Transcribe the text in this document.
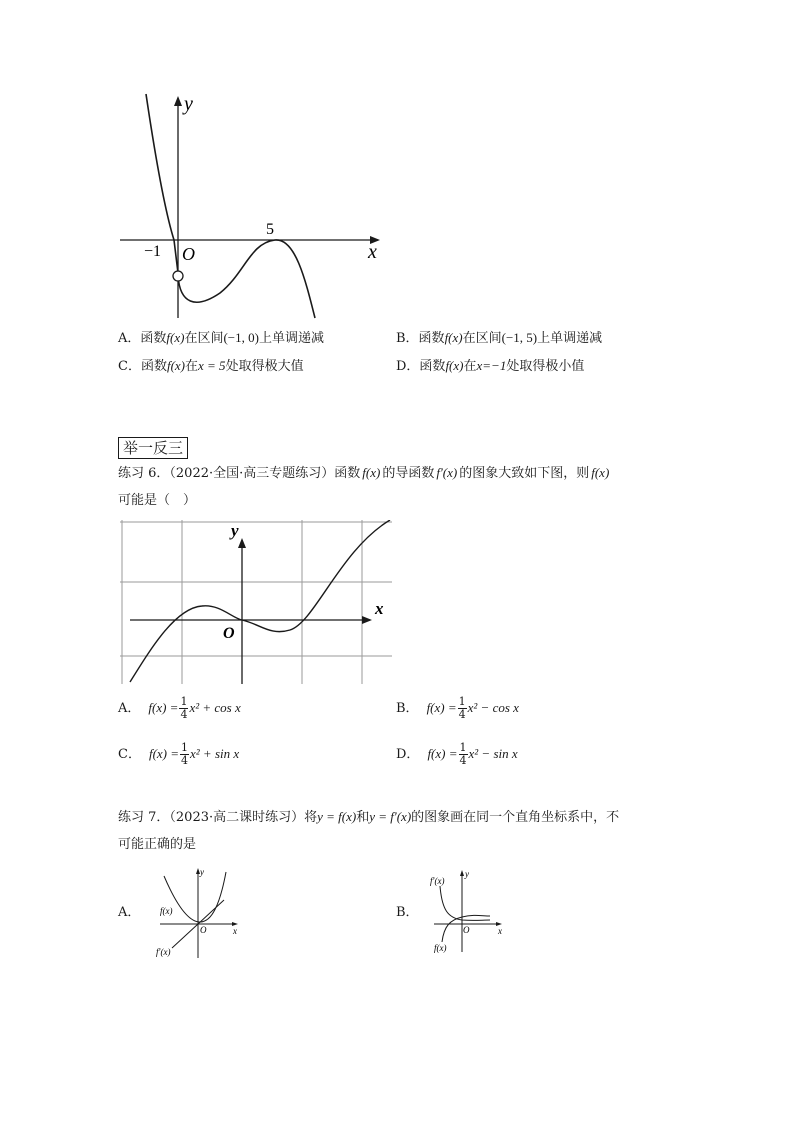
y
x
O
−1
5
A．函数f(x)在区间(−1, 0)上单调递减	B．函数f(x)在区间(−1, 5)上单调递减
C．函数f(x)在x = 5处取得极大值	D．函数f(x)在x=−1处取得极小值
举一反三
练习 6．（2022·全国·高三专题练习）函数 f(x) 的导函数 f′(x) 的图象大致如下图，则 f(x)
可能是（　）
y
x
O
A． $f(x) = \frac{1}{4} x^2 + \cos x$	B． $f(x) = \frac{1}{4} x^2 - \cos x$
C． $f(x) = \frac{1}{4} x^2 + \sin x$	D． $f(x) = \frac{1}{4} x^2 - \sin x$
练习 7．（2023·高二课时练习）将y = f(x)和y = f′(x)的图象画在同一个直角坐标系中，不
可能正确的是
A．
y
x
O
f(x)
f′(x)
B．
y
x
O
f′(x)
f(x)
